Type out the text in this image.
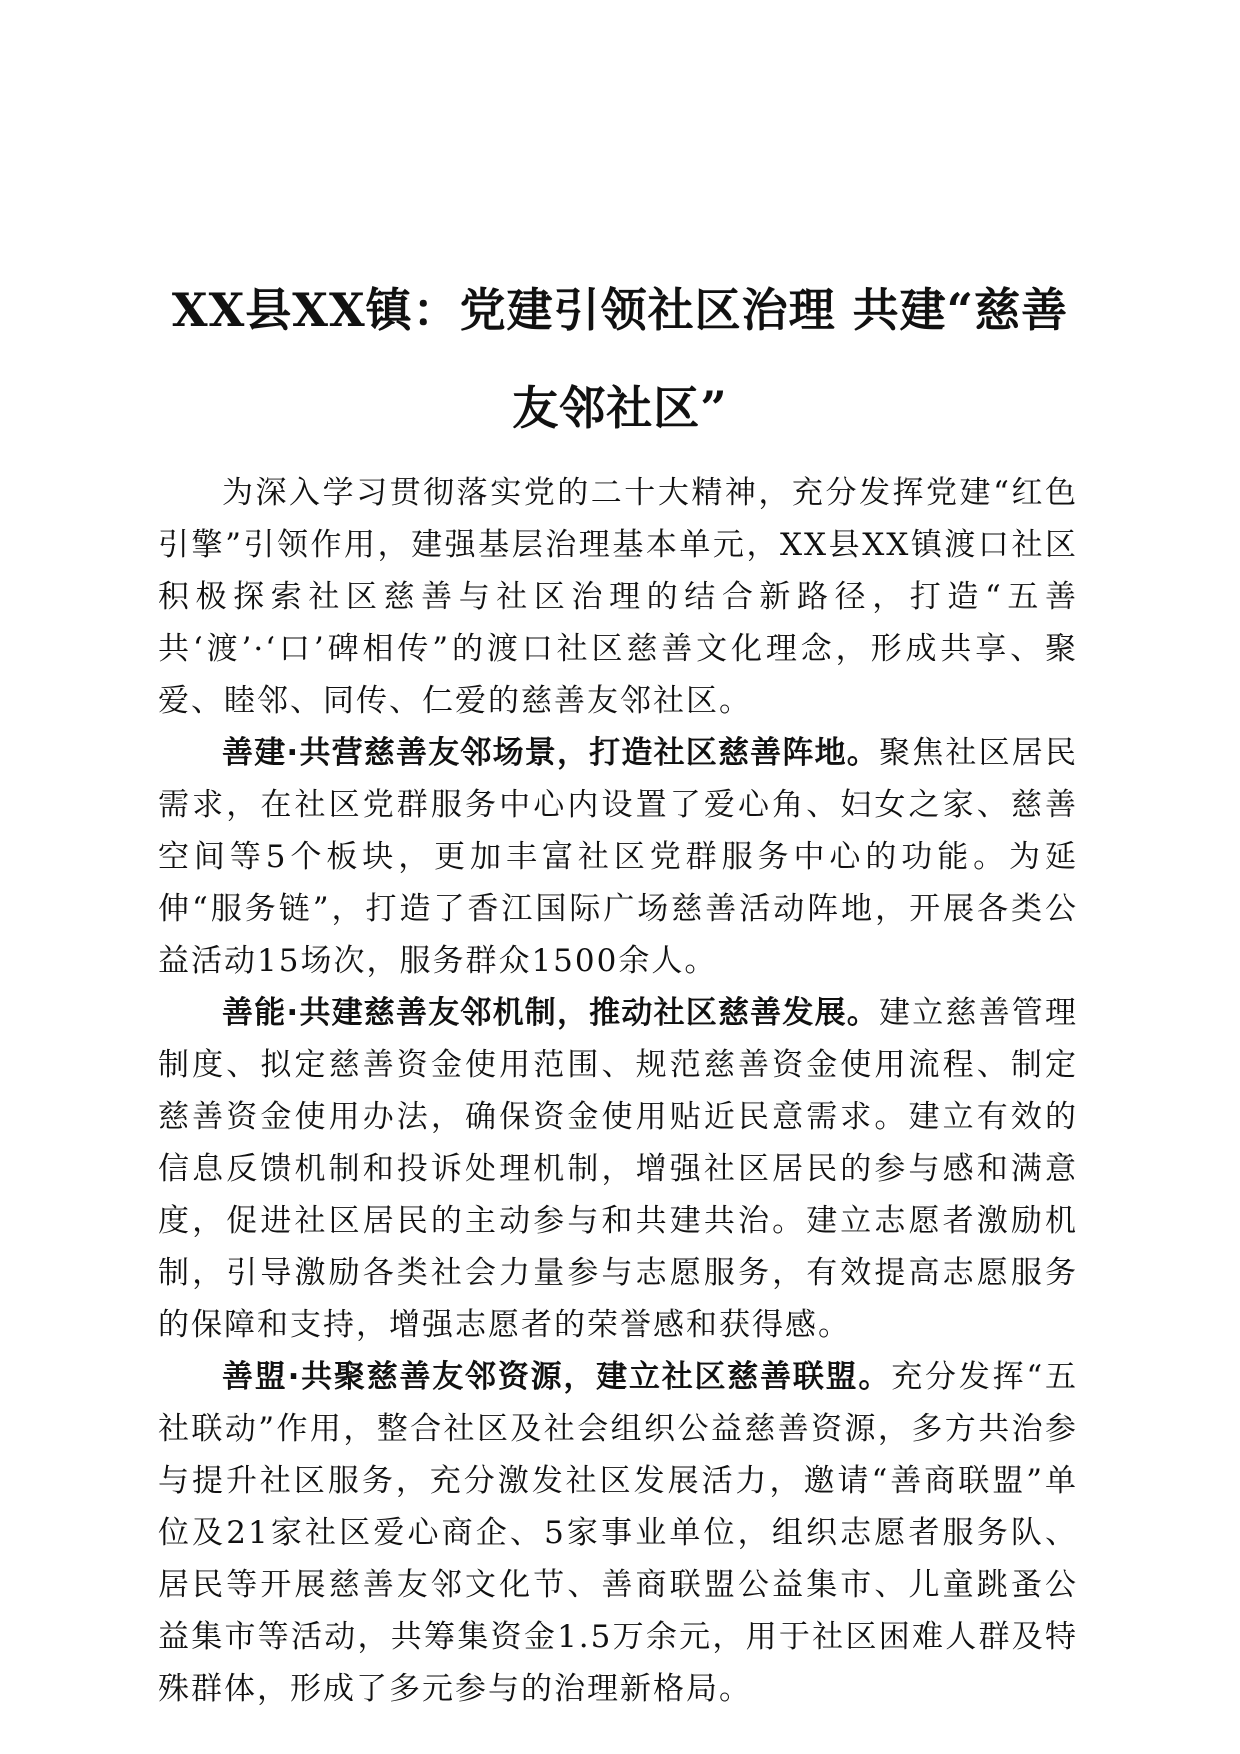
XX县XX镇：党建引领社区治理 共建“慈善
友邻社区”

为深入学习贯彻落实党的二十大精神，充分发挥党建“红色引擎”引领作用，建强基层治理基本单元，XX县XX镇渡口社区积极探索社区慈善与社区治理的结合新路径，打造“五善共‘渡’·‘口’碑相传”的渡口社区慈善文化理念，形成共享、聚爱、睦邻、同传、仁爱的慈善友邻社区。

善建·共营慈善友邻场景，打造社区慈善阵地。聚焦社区居民需求，在社区党群服务中心内设置了爱心角、妇女之家、慈善空间等5个板块，更加丰富社区党群服务中心的功能。为延伸“服务链”，打造了香江国际广场慈善活动阵地，开展各类公益活动15场次，服务群众1500余人。

善能·共建慈善友邻机制，推动社区慈善发展。建立慈善管理制度、拟定慈善资金使用范围、规范慈善资金使用流程、制定慈善资金使用办法，确保资金使用贴近民意需求。建立有效的信息反馈机制和投诉处理机制，增强社区居民的参与感和满意度，促进社区居民的主动参与和共建共治。建立志愿者激励机制，引导激励各类社会力量参与志愿服务，有效提高志愿服务的保障和支持，增强志愿者的荣誉感和获得感。

善盟·共聚慈善友邻资源，建立社区慈善联盟。充分发挥“五社联动”作用，整合社区及社会组织公益慈善资源，多方共治参与提升社区服务，充分激发社区发展活力，邀请“善商联盟”单位及21家社区爱心商企、5家事业单位，组织志愿者服务队、居民等开展慈善友邻文化节、善商联盟公益集市、儿童跳蚤公益集市等活动，共筹集资金1.5万余元，用于社区困难人群及特殊群体，形成了多元参与的治理新格局。
